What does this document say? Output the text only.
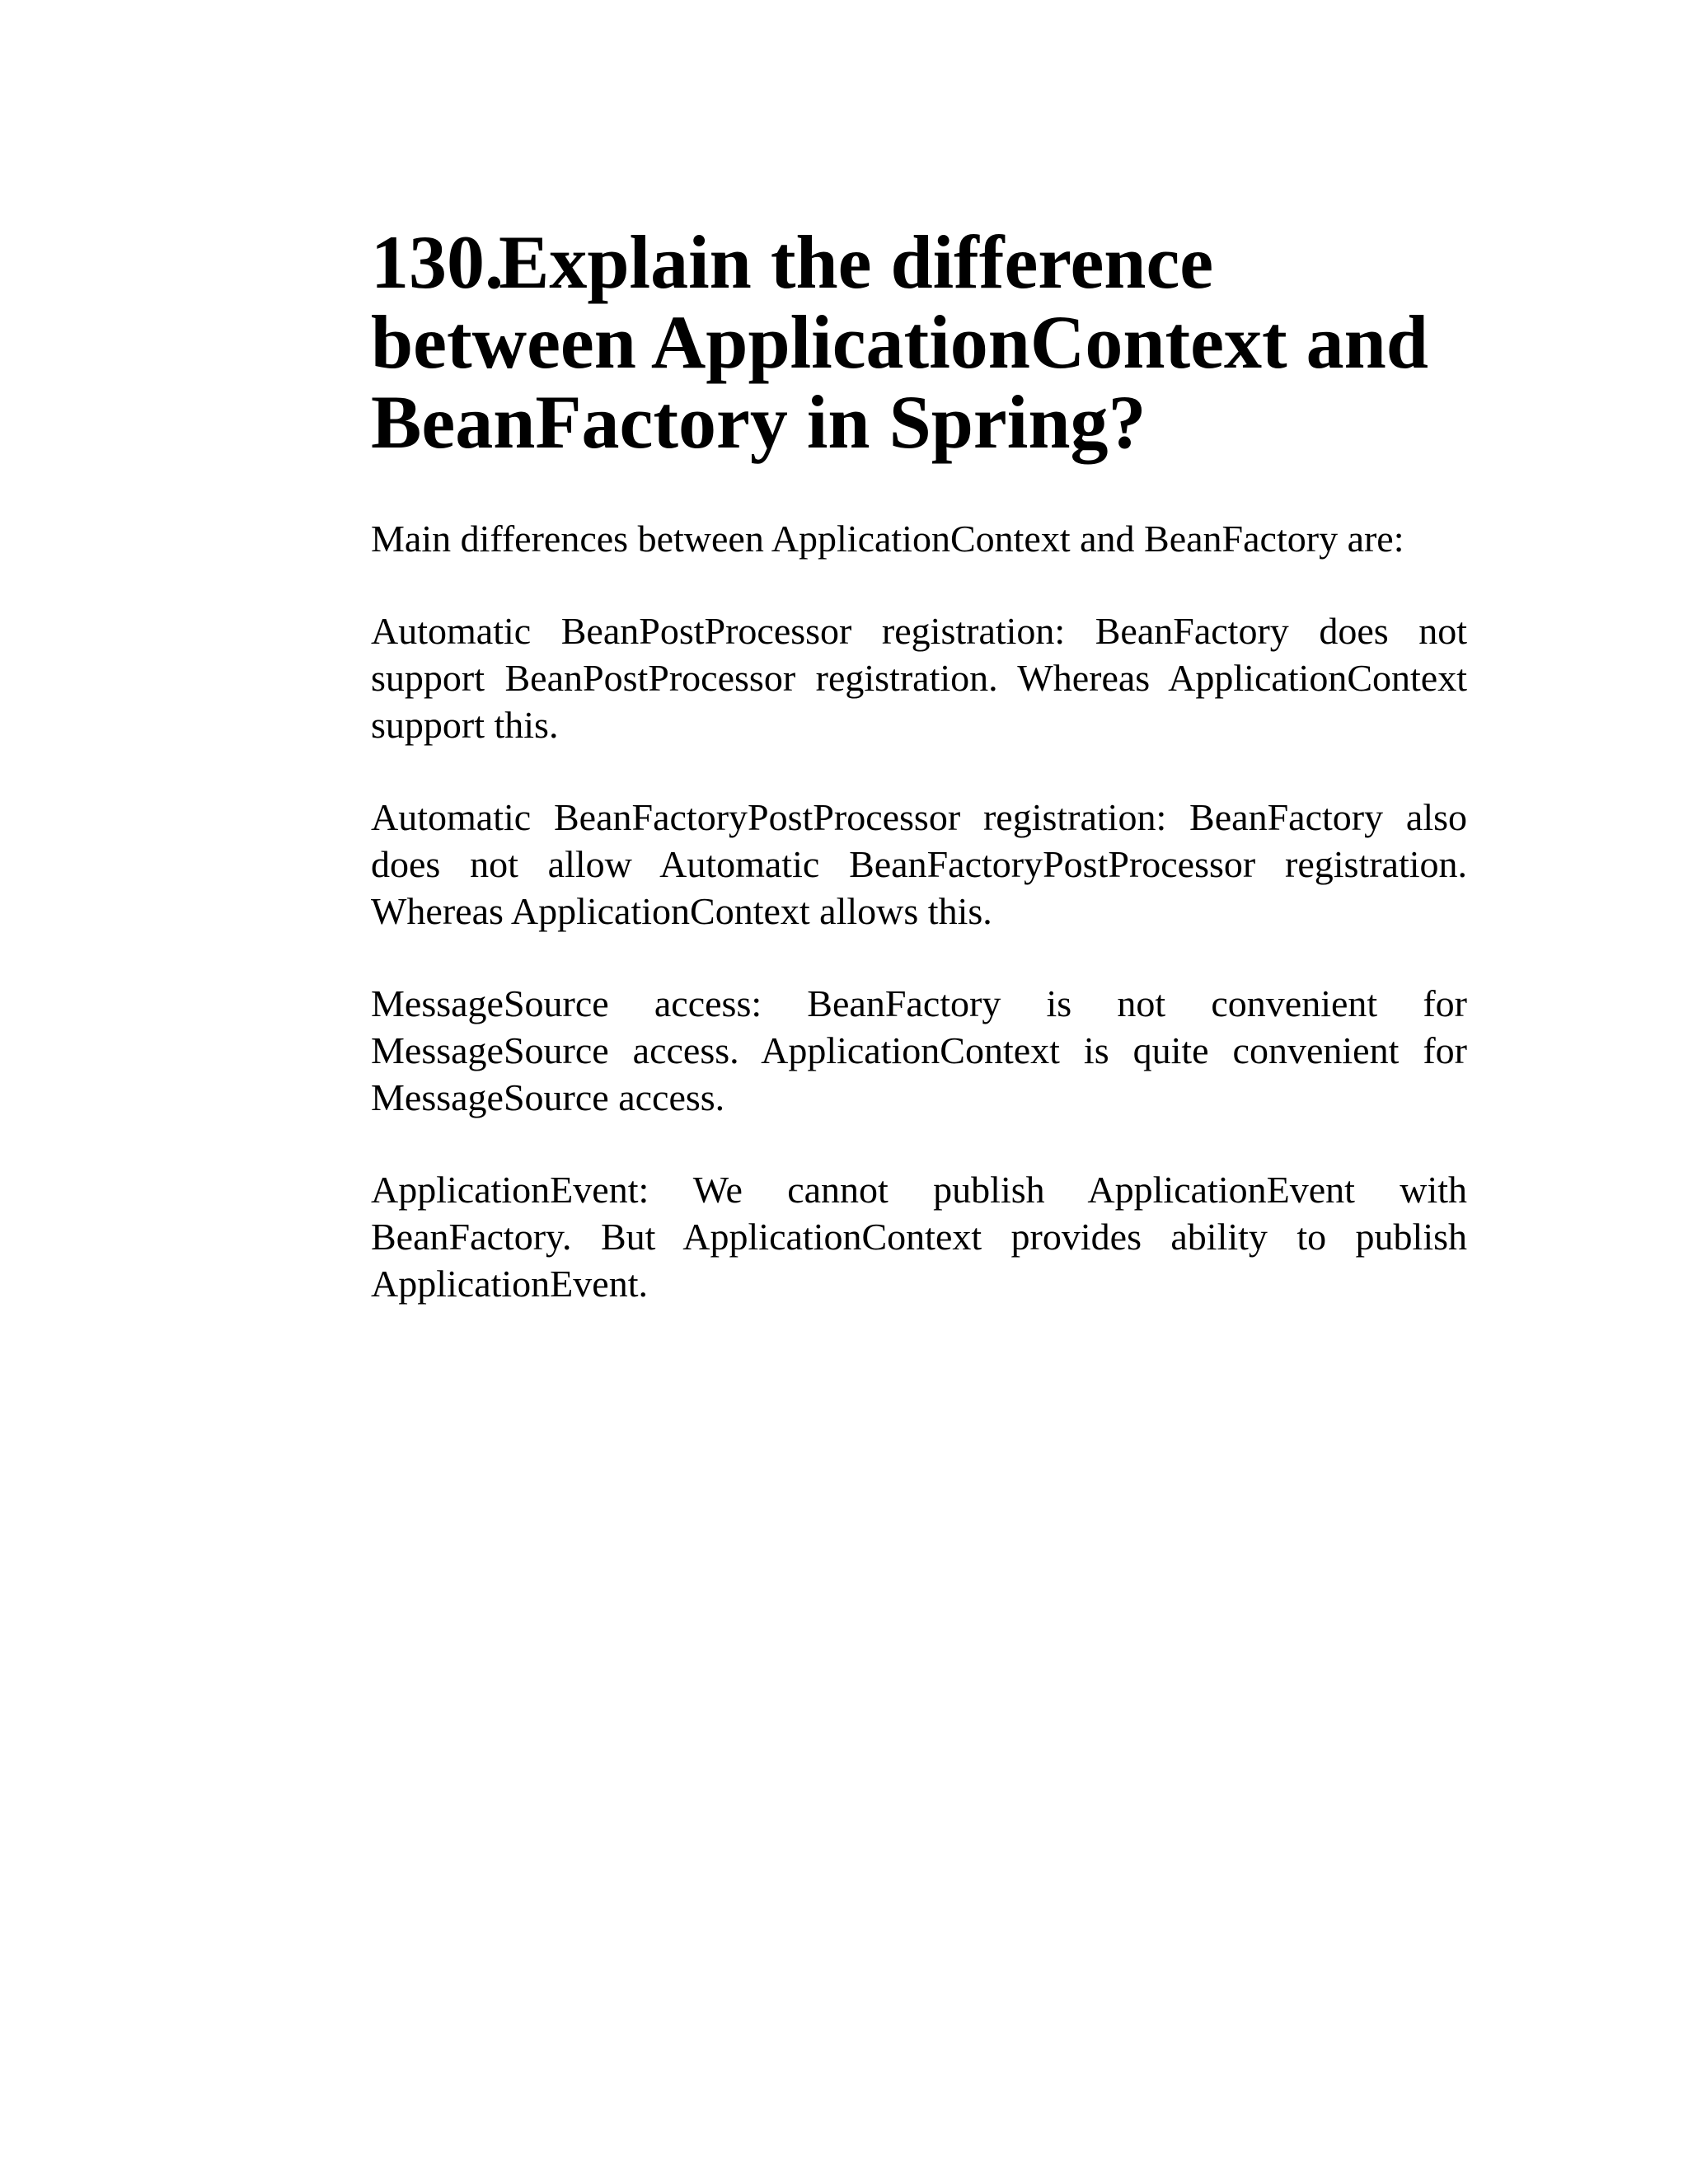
130.Explain the difference between ApplicationContext and BeanFactory in Spring?

Main differences between ApplicationContext and BeanFactory are:

Automatic BeanPostProcessor registration: BeanFactory does not support BeanPostProcessor registration. Whereas ApplicationContext support this.

Automatic BeanFactoryPostProcessor registration: BeanFactory also does not allow Automatic BeanFactoryPostProcessor registration. Whereas ApplicationContext allows this.

MessageSource access: BeanFactory is not convenient for MessageSource access. ApplicationContext is quite convenient for MessageSource access.

ApplicationEvent: We cannot publish ApplicationEvent with BeanFactory. But ApplicationContext provides ability to publish ApplicationEvent.
